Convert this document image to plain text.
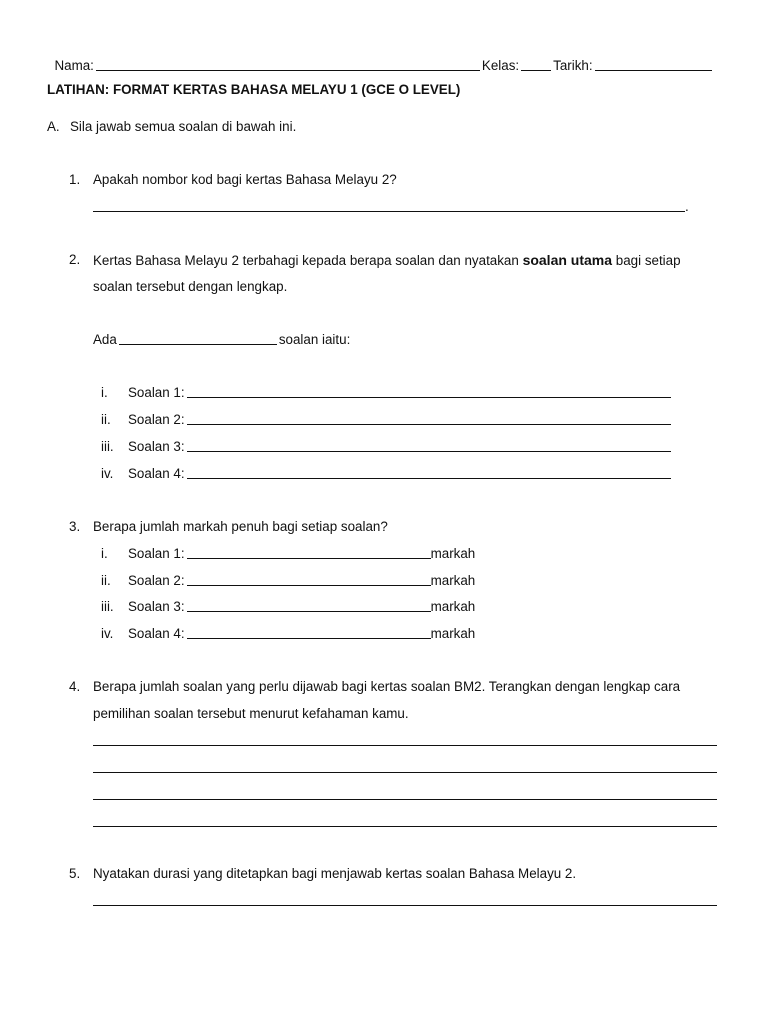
Nama:	Kelas:	Tarikh:

LATIHAN: FORMAT KERTAS BAHASA MELAYU 1 (GCE O LEVEL)
A. Sila jawab semua soalan di bawah ini.
1. Apakah nombor kod bagi kertas Bahasa Melayu 2?
.
2. Kertas Bahasa Melayu 2 terbahagi kepada berapa soalan dan nyatakan soalan utama bagi setiap
soalan tersebut dengan lengkap.
Ada	soalan iaitu:
i. Soalan 1:
ii. Soalan 2:
iii. Soalan 3:
iv. Soalan 4:
3. Berapa jumlah markah penuh bagi setiap soalan?
i. Soalan 1:	markah
ii. Soalan 2:	markah
iii. Soalan 3:	markah
iv. Soalan 4:	markah
4. Berapa jumlah soalan yang perlu dijawab bagi kertas soalan BM2. Terangkan dengan lengkap cara
pemilihan soalan tersebut menurut kefahaman kamu.
5. Nyatakan durasi yang ditetapkan bagi menjawab kertas soalan Bahasa Melayu 2.
